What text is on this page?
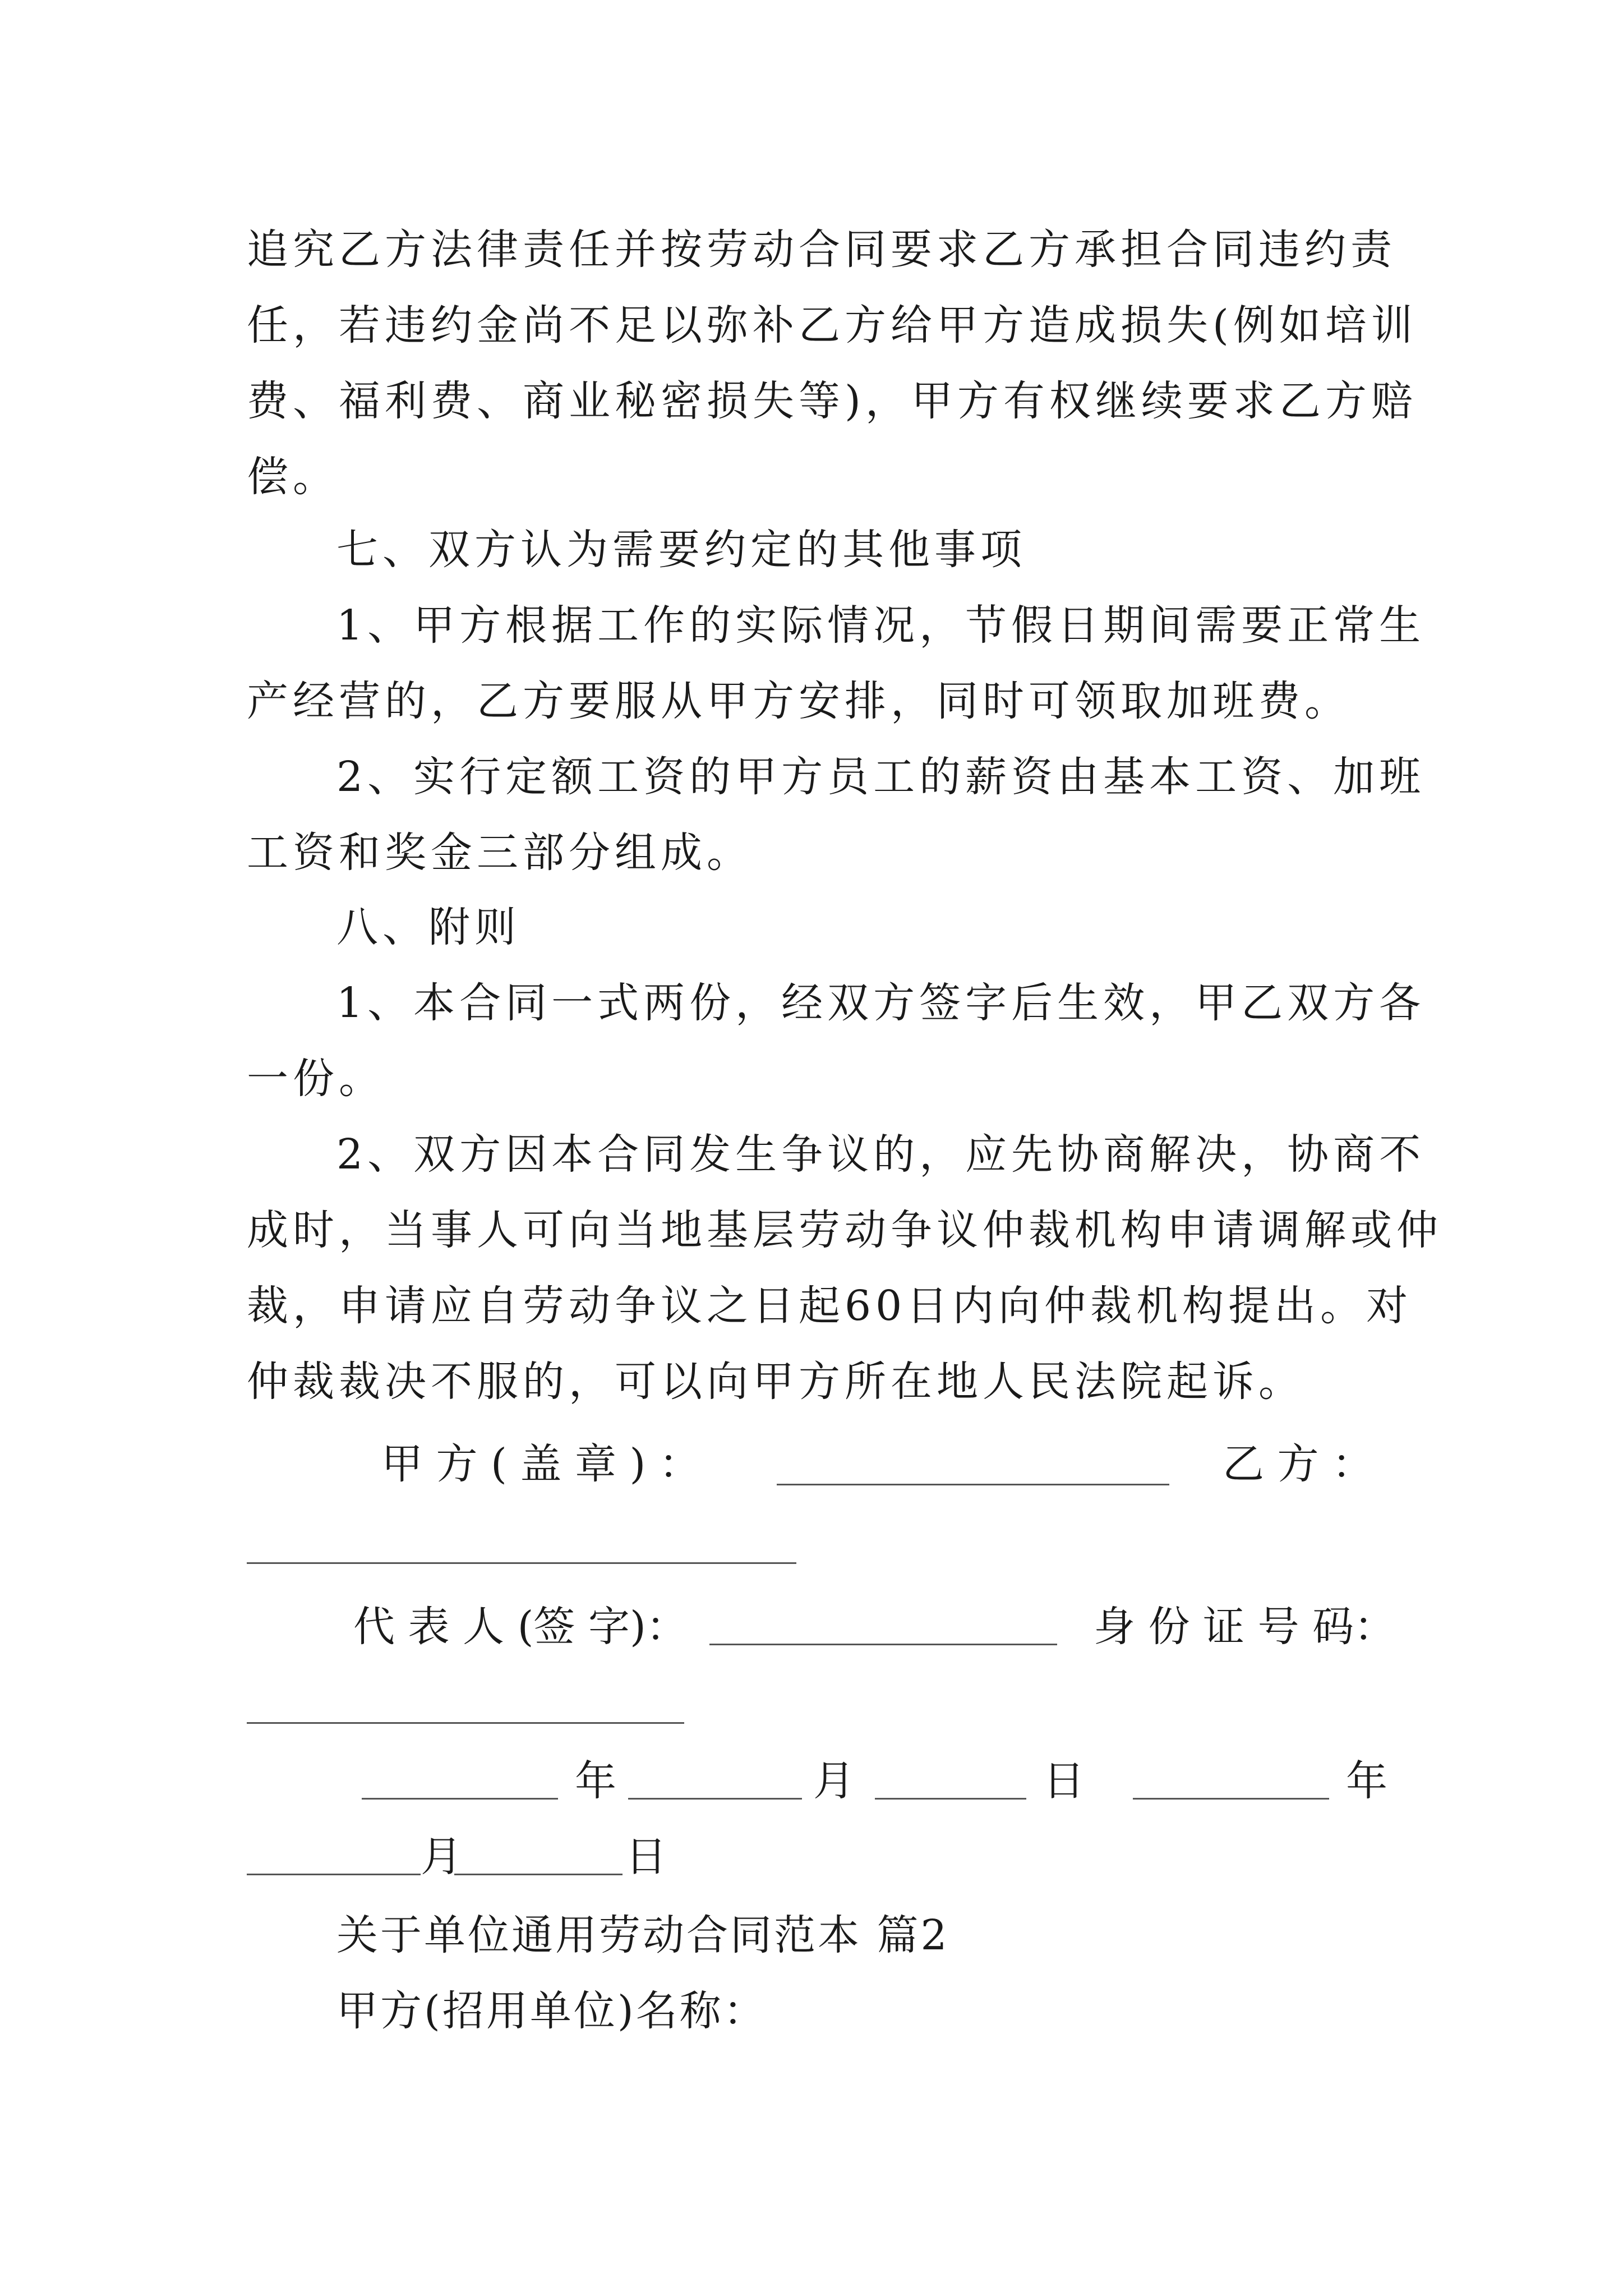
追究乙方法律责任并按劳动合同要求乙方承担合同违约责
任，若违约金尚不足以弥补乙方给甲方造成损失(例如培训
费、福利费、商业秘密损失等)，甲方有权继续要求乙方赔
偿。
七、双方认为需要约定的其他事项
1、甲方根据工作的实际情况，节假日期间需要正常生
产经营的，乙方要服从甲方安排，同时可领取加班费。
2、实行定额工资的甲方员工的薪资由基本工资、加班
工资和奖金三部分组成。
八、附则
1、本合同一式两份，经双方签字后生效，甲乙双方各
一份。
2、双方因本合同发生争议的，应先协商解决，协商不
成时，当事人可向当地基层劳动争议仲裁机构申请调解或仲
裁，申请应自劳动争议之日起60日内向仲裁机构提出。对
仲裁裁决不服的，可以向甲方所在地人民法院起诉。
甲 方 ( 盖 章 ) ：	乙 方 ：
代 表 人 (签 字)：	身 份 证 号 码：
年	月	日	年
月	日
关于单位通用劳动合同范本 篇2
甲方(招用单位)名称：
